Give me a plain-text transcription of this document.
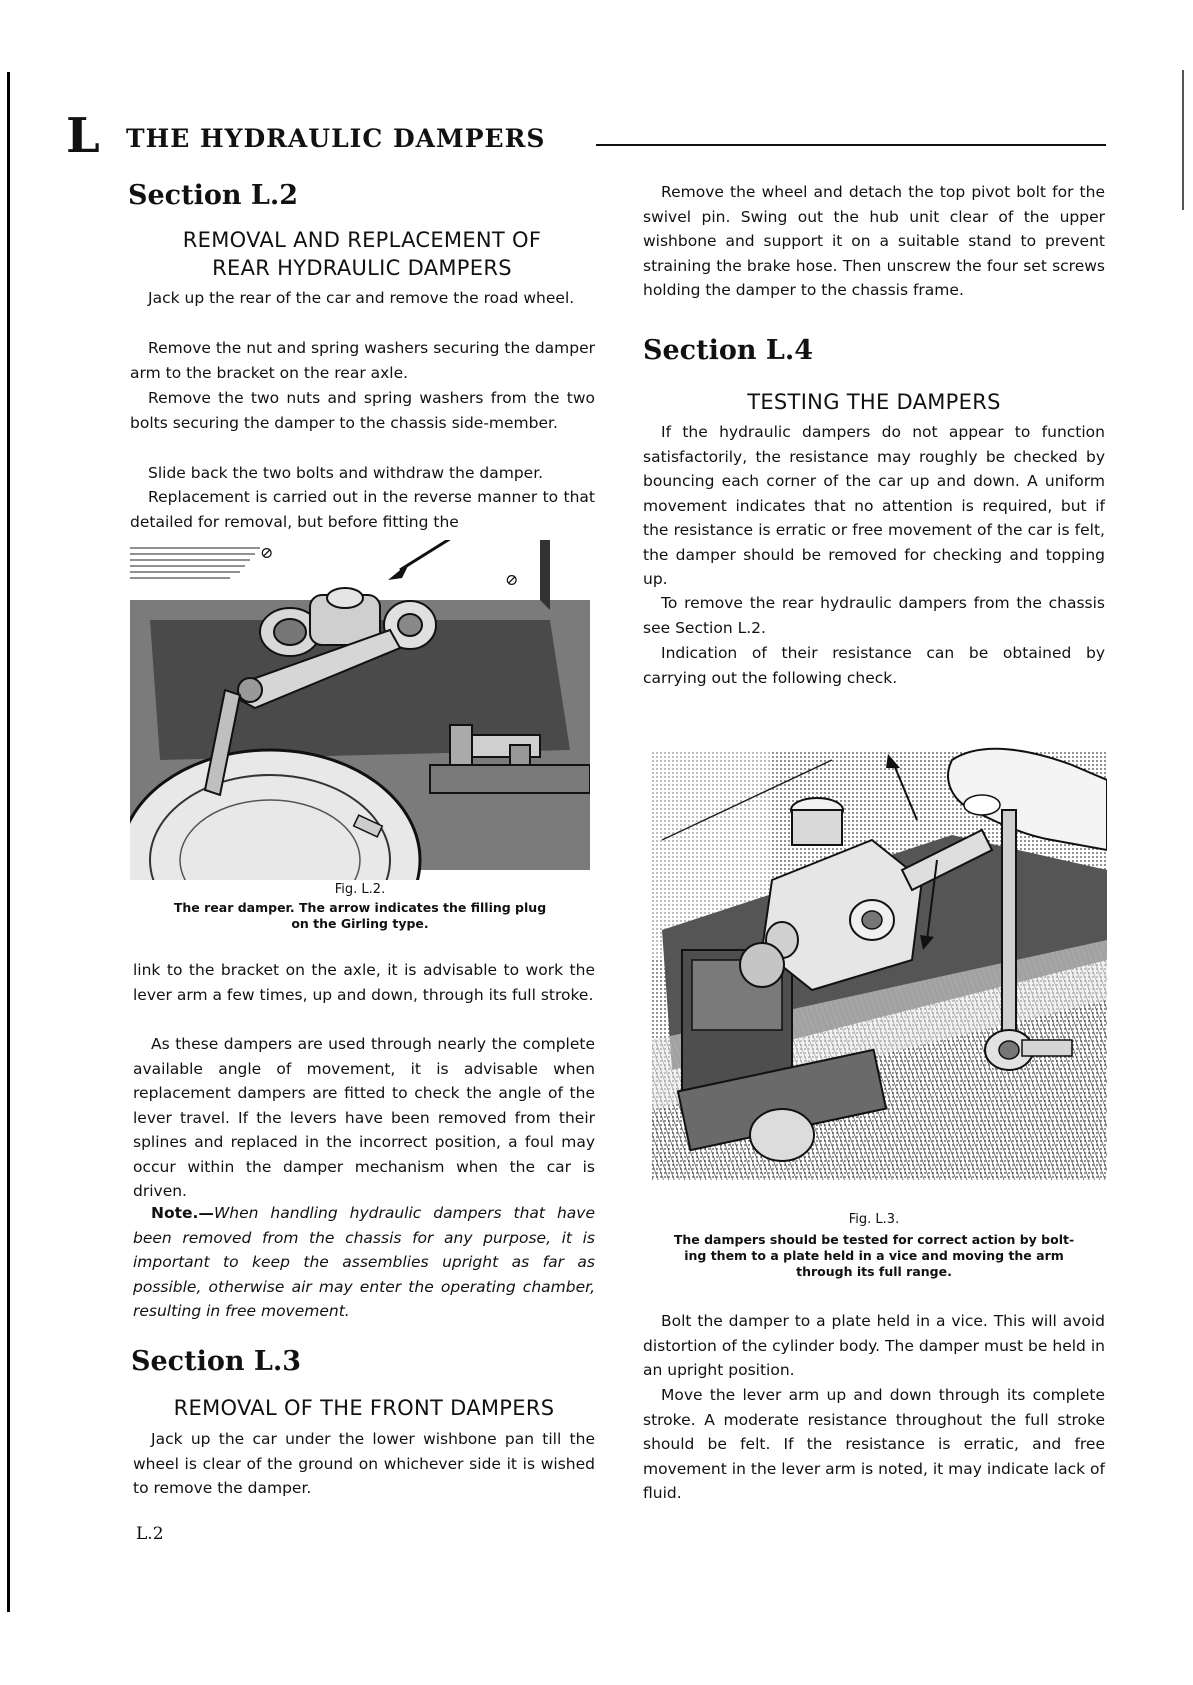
L THE HYDRAULIC DAMPERS
Section L.2
REMOVAL AND REPLACEMENT OF
REAR HYDRAULIC DAMPERS
Jack up the rear of the car and remove the road wheel.
Remove the nut and spring washers securing the damper arm to the bracket on the rear axle.
Remove the two nuts and spring washers from the two bolts securing the damper to the chassis side-member.
Slide back the two bolts and withdraw the damper.
Replacement is carried out in the reverse manner to that detailed for removal, but before fitting the
⊘
⊘
Fig. L.2.
The rear damper. The arrow indicates the filling plug
on the Girling type.
link to the bracket on the axle, it is advisable to work the lever arm a few times, up and down, through its full stroke.
As these dampers are used through nearly the complete available angle of movement, it is advisable when replacement dampers are fitted to check the angle of the lever travel. If the levers have been removed from their splines and replaced in the incorrect position, a foul may occur within the damper mechanism when the car is driven.
Note.—When handling hydraulic dampers that have been removed from the chassis for any purpose, it is important to keep the assemblies upright as far as possible, otherwise air may enter the operating chamber, resulting in free movement.
Section L.3
REMOVAL OF THE FRONT DAMPERS
Jack up the car under the lower wishbone pan till the wheel is clear of the ground on whichever side it is wished to remove the damper.
L.2
Remove the wheel and detach the top pivot bolt for the swivel pin. Swing out the hub unit clear of the upper wishbone and support it on a suitable stand to prevent straining the brake hose. Then unscrew the four set screws holding the damper to the chassis frame.
Section L.4
TESTING THE DAMPERS
If the hydraulic dampers do not appear to function satisfactorily, the resistance may roughly be checked by bouncing each corner of the car up and down. A uniform movement indicates that no attention is required, but if the resistance is erratic or free movement of the car is felt, the damper should be removed for checking and topping up.
To remove the rear hydraulic dampers from the chassis see Section L.2.
Indication of their resistance can be obtained by carrying out the following check.
Fig. L.3.
The dampers should be tested for correct action by bolt-
ing them to a plate held in a vice and moving the arm
through its full range.
Bolt the damper to a plate held in a vice. This will avoid distortion of the cylinder body. The damper must be held in an upright position.
Move the lever arm up and down through its complete stroke. A moderate resistance throughout the full stroke should be felt. If the resistance is erratic, and free movement in the lever arm is noted, it may indicate lack of fluid.
